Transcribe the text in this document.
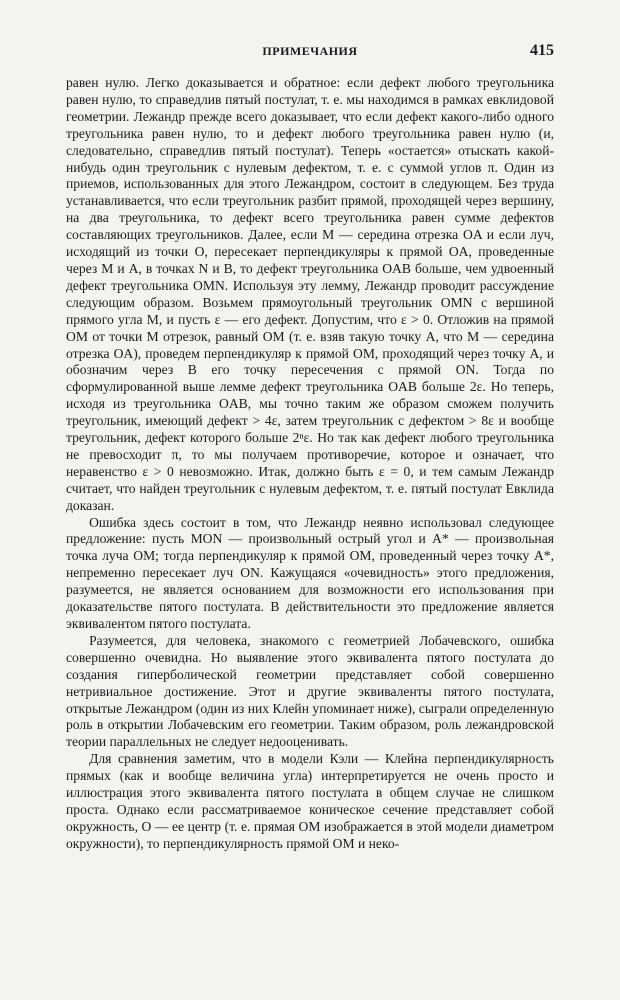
ПРИМЕЧАНИЯ	415

равен нулю. Легко доказывается и обратное: если дефект любого треугольника равен нулю, то справедлив пятый постулат, т. е. мы находимся в рамках евклидовой геометрии. Лежандр прежде всего доказывает, что если дефект какого-либо одного треугольника равен нулю, то и дефект любого треугольника равен нулю (и, следовательно, справедлив пятый постулат). Теперь «остается» отыскать какой-нибудь один треугольник с нулевым дефектом, т. е. с суммой углов π. Один из приемов, использованных для этого Лежандром, состоит в следующем. Без труда устанавливается, что если треугольник разбит прямой, проходящей через вершину, на два треугольника, то дефект всего треугольника равен сумме дефектов составляющих треугольников. Далее, если M — середина отрезка OA и если луч, исходящий из точки O, пересекает перпендикуляры к прямой OA, проведенные через M и A, в точках N и B, то дефект треугольника OAB больше, чем удвоенный дефект треугольника OMN. Используя эту лемму, Лежандр проводит рассуждение следующим образом. Возьмем прямоугольный треугольник OMN с вершиной прямого угла M, и пусть ε — его дефект. Допустим, что ε > 0. Отложив на прямой OM от точки M отрезок, равный OM (т. е. взяв такую точку A, что M — середина отрезка OA), проведем перпендикуляр к прямой OM, проходящий через точку A, и обозначим через B его точку пересечения с прямой ON. Тогда по сформулированной выше лемме дефект треугольника OAB больше 2ε. Но теперь, исходя из треугольника OAB, мы точно таким же образом сможем получить треугольник, имеющий дефект > 4ε, затем треугольник с дефектом > 8ε и вообще треугольник, дефект которого больше 2ⁿε. Но так как дефект любого треугольника не превосходит π, то мы получаем противоречие, которое и означает, что неравенство ε > 0 невозможно. Итак, должно быть ε = 0, и тем самым Лежандр считает, что найден треугольник с нулевым дефектом, т. е. пятый постулат Евклида доказан.

Ошибка здесь состоит в том, что Лежандр неявно использовал следующее предложение: пусть MON — произвольный острый угол и A* — произвольная точка луча OM; тогда перпендикуляр к прямой OM, проведенный через точку A*, непременно пересекает луч ON. Кажущаяся «очевидность» этого предложения, разумеется, не является основанием для возможности его использования при доказательстве пятого постулата. В действительности это предложение является эквивалентом пятого постулата.

Разумеется, для человека, знакомого с геометрией Лобачевского, ошибка совершенно очевидна. Но выявление этого эквивалента пятого постулата до создания гиперболической геометрии представляет собой совершенно нетривиальное достижение. Этот и другие эквиваленты пятого постулата, открытые Лежандром (один из них Клейн упоминает ниже), сыграли определенную роль в открытии Лобачевским его геометрии. Таким образом, роль лежандровской теории параллельных не следует недооценивать.

Для сравнения заметим, что в модели Кэли — Клейна перпендикулярность прямых (как и вообще величина угла) интерпретируется не очень просто и иллюстрация этого эквивалента пятого постулата в общем случае не слишком проста. Однако если рассматриваемое коническое сечение представляет собой окружность, O — ее центр (т. е. прямая OM изображается в этой модели диаметром окружности), то перпендикулярность прямой OM и неко-
